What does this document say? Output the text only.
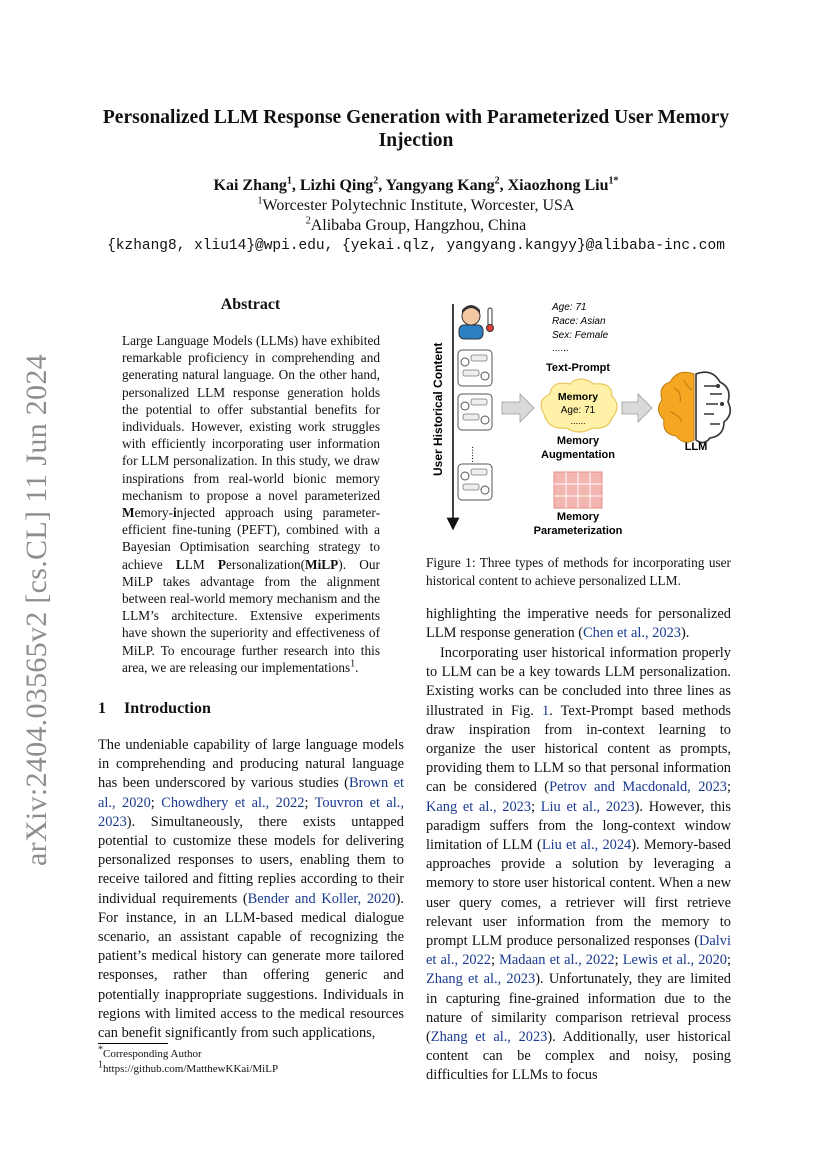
arXiv:2404.03565v2 [cs.CL] 11 Jun 2024
Personalized LLM Response Generation with Parameterized User Memory
Injection
Kai Zhang$^1$, Lizhi Qing$^2$, Yangyang Kang$^2$, Xiaozhong Liu$^{1*}$
$^1$Worcester Polytechnic Institute, Worcester, USA
$^2$Alibaba Group, Hangzhou, China
{kzhang8, xliu14}@wpi.edu, {yekai.qlz, yangyang.kangyy}@alibaba-inc.com
Abstract
Large Language Models (LLMs) have exhibited remarkable proficiency in comprehending and generating natural language. On the other hand, personalized LLM response generation holds the potential to offer substantial benefits for individuals. However, existing work struggles with efficiently incorporating user information for LLM personalization. In this study, we draw inspirations from real-world bionic memory mechanism to propose a novel parameterized Memory-injected approach using parameter-efficient fine-tuning (PEFT), combined with a Bayesian Optimisation searching strategy to achieve LLM Personalization(MiLP). Our MiLP takes advantage from the alignment between real-world memory mechanism and the LLM’s architecture. Extensive experiments have shown the superiority and effectiveness of MiLP. To encourage further research into this area, we are releasing our implementations$^1$.
1 Introduction
The undeniable capability of large language models in comprehending and producing natural language has been underscored by various studies (Brown et al., 2020; Chowdhery et al., 2022; Touvron et al., 2023). Simultaneously, there exists untapped potential to customize these models for delivering personalized responses to users, enabling them to receive tailored and fitting replies according to their individual requirements (Bender and Koller, 2020). For instance, in an LLM-based medical dialogue scenario, an assistant capable of recognizing the patient’s medical history can generate more tailored responses, rather than offering generic and potentially inappropriate suggestions. Individuals in regions with limited access to the medical resources can benefit significantly from such applications,
*Corresponding Author
$^1$https://github.com/MatthewKKai/MiLP
User Historical Content ......
Age: 71
Race: Asian
Sex: Female
......
Text-Prompt
Memory
Age: 71
......
Memory
Augmentation
Memory
Parameterization
LLM
Figure 1: Three types of methods for incorporating user historical content to achieve personalized LLM.
highlighting the imperative needs for personalized LLM response generation (Chen et al., 2023).
Incorporating user historical information properly to LLM can be a key towards LLM personalization. Existing works can be concluded into three lines as illustrated in Fig. 1. Text-Prompt based methods draw inspiration from in-context learning to organize the user historical content as prompts, providing them to LLM so that personal information can be considered (Petrov and Macdonald, 2023; Kang et al., 2023; Liu et al., 2023). However, this paradigm suffers from the long-context window limitation of LLM (Liu et al., 2024). Memory-based approaches provide a solution by leveraging a memory to store user historical content. When a new user query comes, a retriever will first retrieve relevant user information from the memory to prompt LLM produce personalized responses (Dalvi et al., 2022; Madaan et al., 2022; Lewis et al., 2020; Zhang et al., 2023). Unfortunately, they are limited in capturing fine-grained information due to the nature of similarity comparison retrieval process (Zhang et al., 2023). Additionally, user historical content can be complex and noisy, posing difficulties for LLMs to focus
